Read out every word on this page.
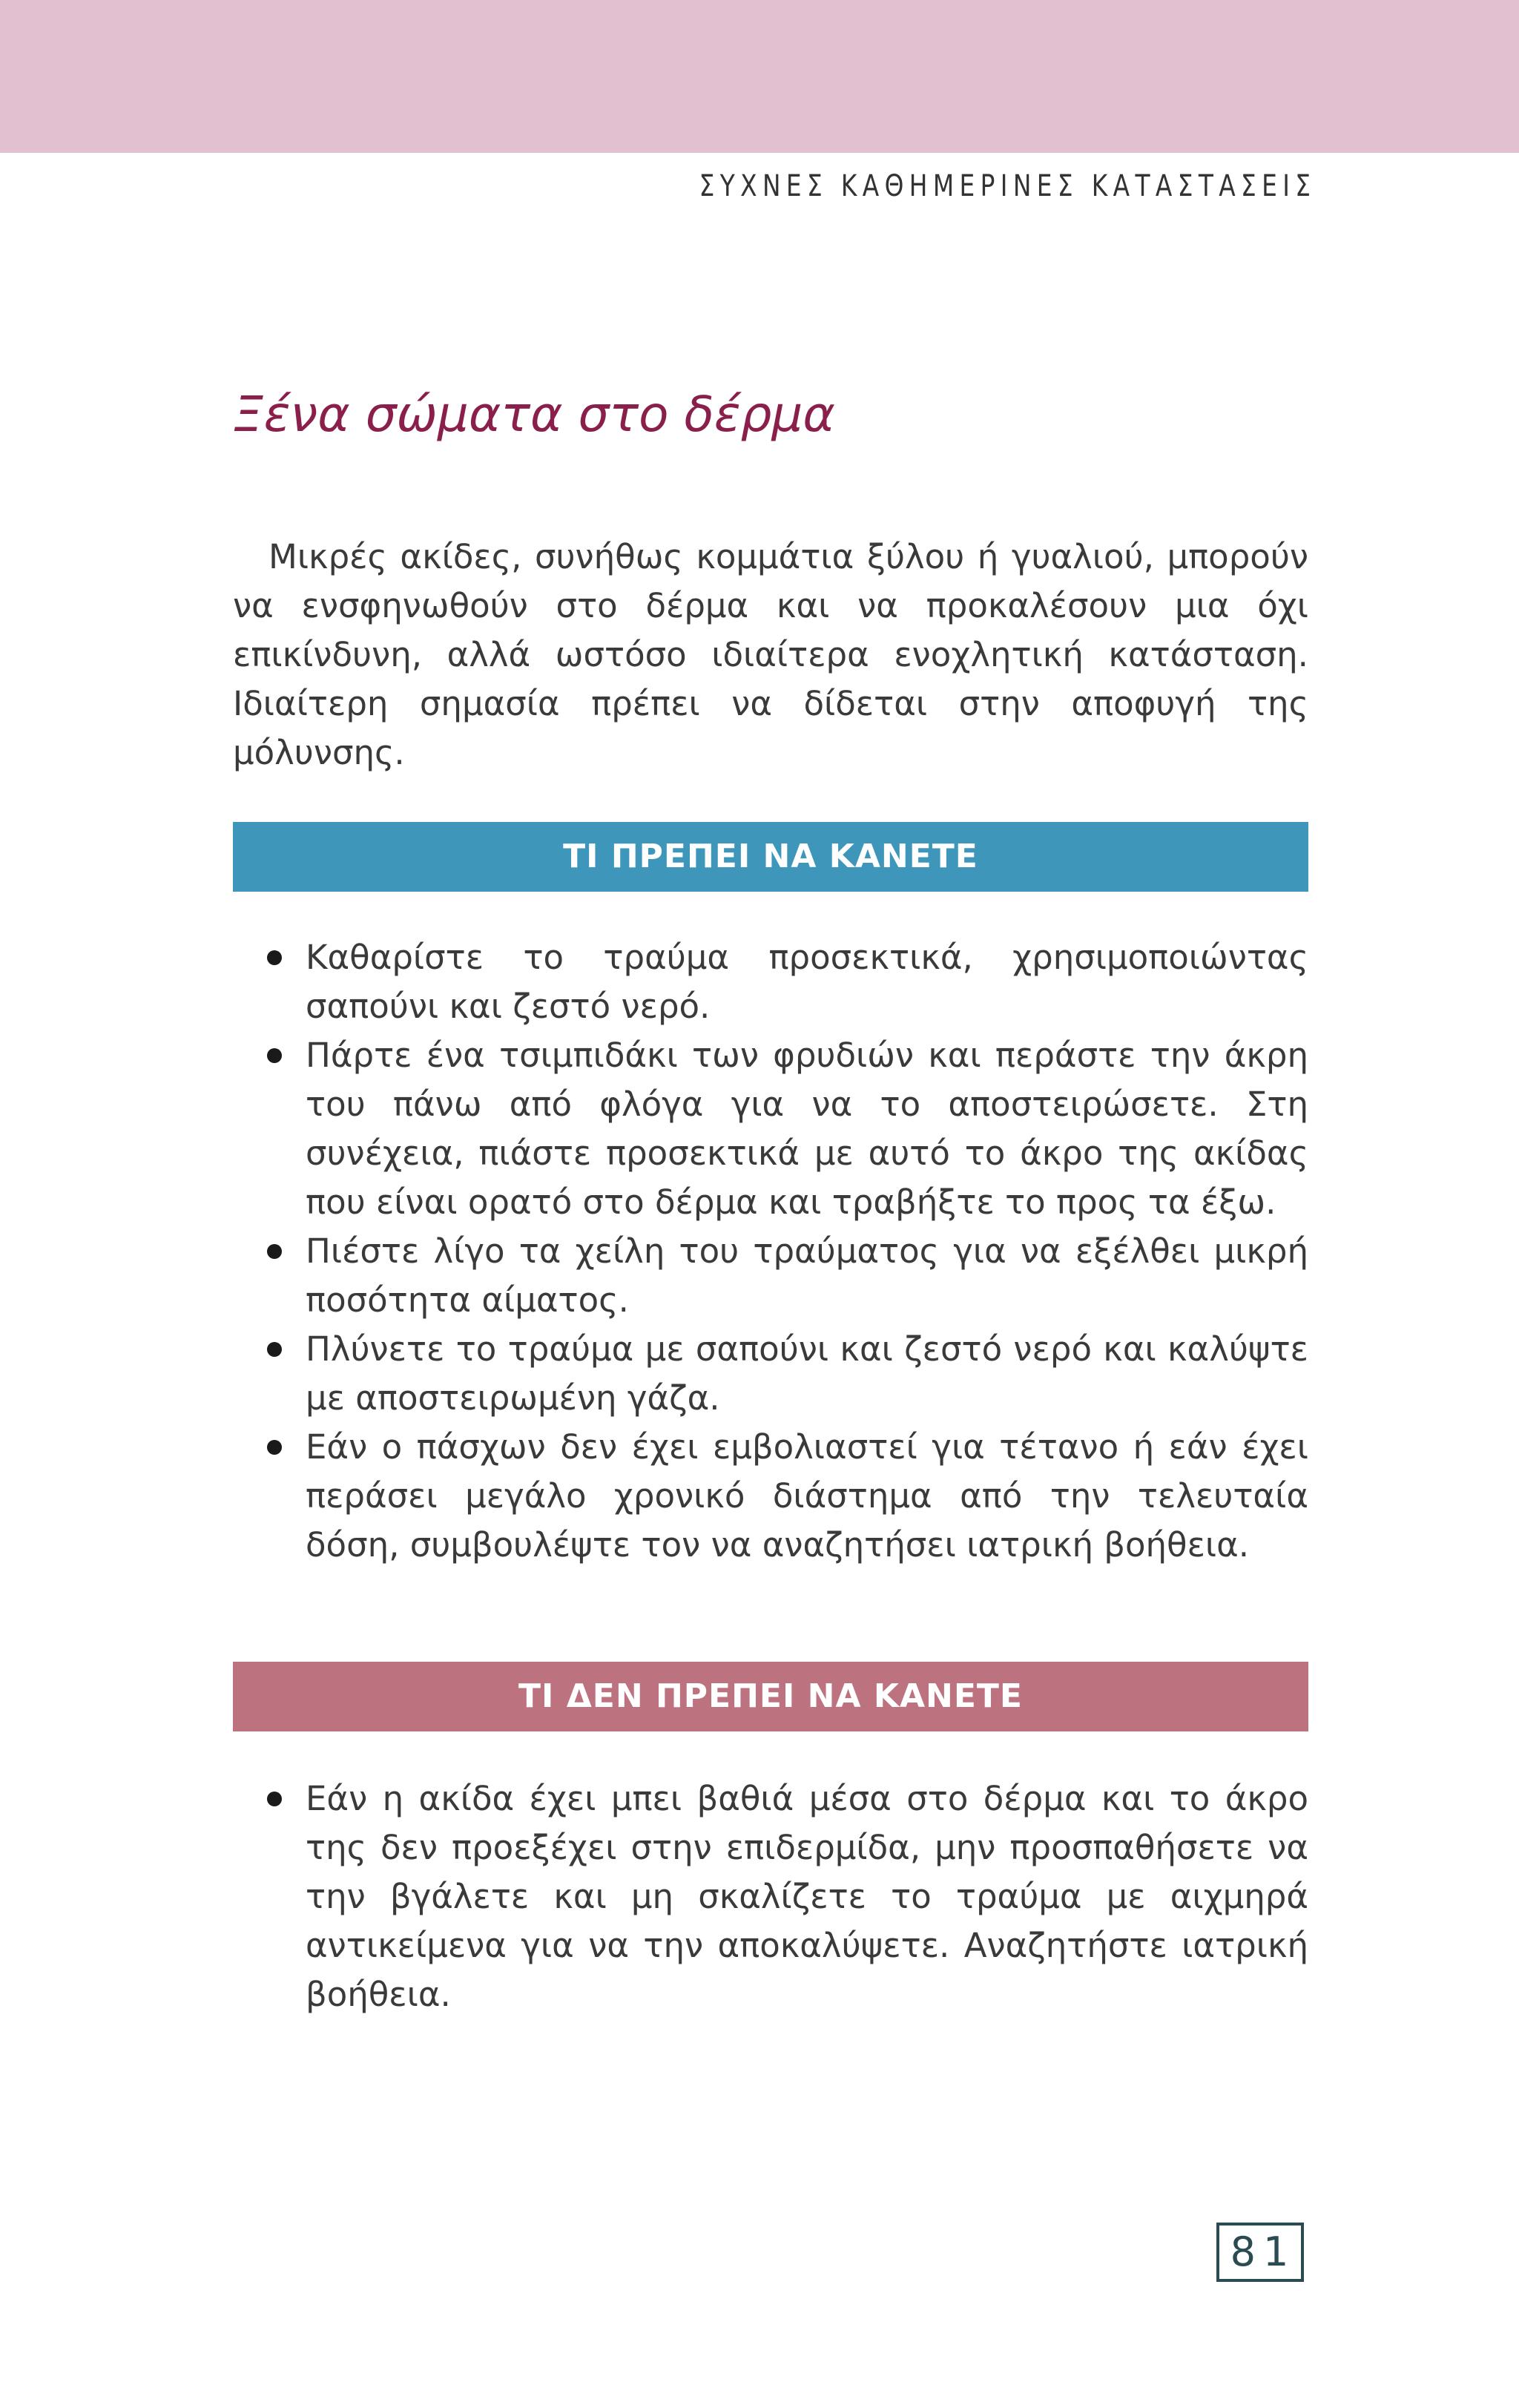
ΣΥΧΝΕΣ ΚΑΘΗΜΕΡΙΝΕΣ ΚΑΤΑΣΤΑΣΕΙΣ
Ξένα σώματα στο δέρμα

Μικρές ακίδες, συνήθως κομμάτια ξύλου ή γυαλιού, μπορούν να ενσφηνωθούν στο δέρμα και να προκαλέσουν μια όχι επικίνδυνη, αλλά ωστόσο ιδιαίτερα ενοχλητική κατάσταση. Ιδιαίτερη σημασία πρέπει να δίδεται στην αποφυγή της μόλυνσης.

ΤΙ ΠΡΕΠΕΙ ΝΑ ΚΑΝΕΤΕ
Καθαρίστε το τραύμα προσεκτικά, χρησιμοποιώντας σαπούνι και ζεστό νερό.
Πάρτε ένα τσιμπιδάκι των φρυδιών και περάστε την άκρη του πάνω από φλόγα για να το αποστειρώσετε. Στη συνέχεια, πιάστε προσεκτικά με αυτό το άκρο της ακίδας που είναι ορατό στο δέρμα και τραβήξτε το προς τα έξω.
Πιέστε λίγο τα χείλη του τραύματος για να εξέλθει μικρή ποσότητα αίματος.
Πλύνετε το τραύμα με σαπούνι και ζεστό νερό και καλύψτε με αποστειρωμένη γάζα.
Εάν ο πάσχων δεν έχει εμβολιαστεί για τέτανο ή εάν έχει περάσει μεγάλο χρονικό διάστημα από την τελευταία δόση, συμβουλέψτε τον να αναζητήσει ιατρική βοήθεια.
ΤΙ ΔΕΝ ΠΡΕΠΕΙ ΝΑ ΚΑΝΕΤΕ
Εάν η ακίδα έχει μπει βαθιά μέσα στο δέρμα και το άκρο της δεν προεξέχει στην επιδερμίδα, μην προσπαθήσετε να την βγάλετε και μη σκαλίζετε το τραύμα με αιχμηρά αντικείμενα για να την αποκαλύψετε. Αναζητήστε ιατρική βοήθεια.
81
